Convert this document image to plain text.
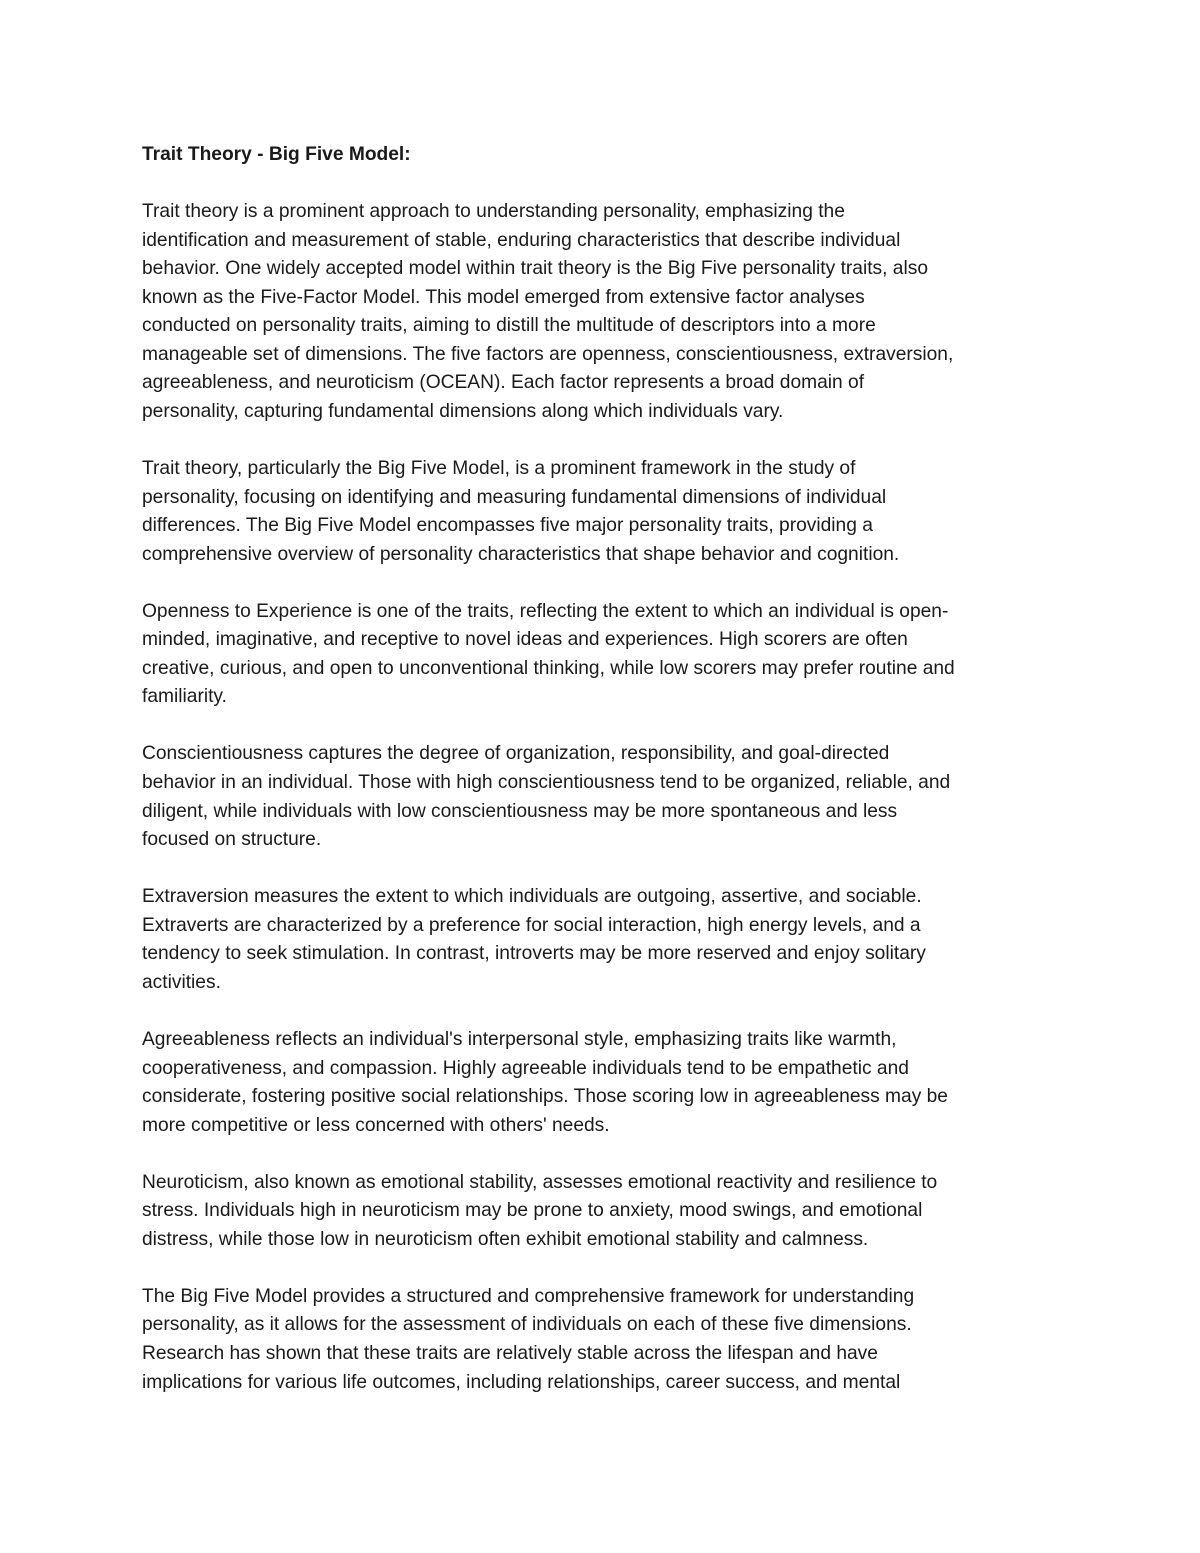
Trait Theory - Big Five Model:
Trait theory is a prominent approach to understanding personality, emphasizing the
identification and measurement of stable, enduring characteristics that describe individual
behavior. One widely accepted model within trait theory is the Big Five personality traits, also
known as the Five-Factor Model. This model emerged from extensive factor analyses
conducted on personality traits, aiming to distill the multitude of descriptors into a more
manageable set of dimensions. The five factors are openness, conscientiousness, extraversion,
agreeableness, and neuroticism (OCEAN). Each factor represents a broad domain of
personality, capturing fundamental dimensions along which individuals vary.
Trait theory, particularly the Big Five Model, is a prominent framework in the study of
personality, focusing on identifying and measuring fundamental dimensions of individual
differences. The Big Five Model encompasses five major personality traits, providing a
comprehensive overview of personality characteristics that shape behavior and cognition.
Openness to Experience is one of the traits, reflecting the extent to which an individual is open-
minded, imaginative, and receptive to novel ideas and experiences. High scorers are often
creative, curious, and open to unconventional thinking, while low scorers may prefer routine and
familiarity.
Conscientiousness captures the degree of organization, responsibility, and goal-directed
behavior in an individual. Those with high conscientiousness tend to be organized, reliable, and
diligent, while individuals with low conscientiousness may be more spontaneous and less
focused on structure.
Extraversion measures the extent to which individuals are outgoing, assertive, and sociable.
Extraverts are characterized by a preference for social interaction, high energy levels, and a
tendency to seek stimulation. In contrast, introverts may be more reserved and enjoy solitary
activities.
Agreeableness reflects an individual's interpersonal style, emphasizing traits like warmth,
cooperativeness, and compassion. Highly agreeable individuals tend to be empathetic and
considerate, fostering positive social relationships. Those scoring low in agreeableness may be
more competitive or less concerned with others' needs.
Neuroticism, also known as emotional stability, assesses emotional reactivity and resilience to
stress. Individuals high in neuroticism may be prone to anxiety, mood swings, and emotional
distress, while those low in neuroticism often exhibit emotional stability and calmness.
The Big Five Model provides a structured and comprehensive framework for understanding
personality, as it allows for the assessment of individuals on each of these five dimensions.
Research has shown that these traits are relatively stable across the lifespan and have
implications for various life outcomes, including relationships, career success, and mental
